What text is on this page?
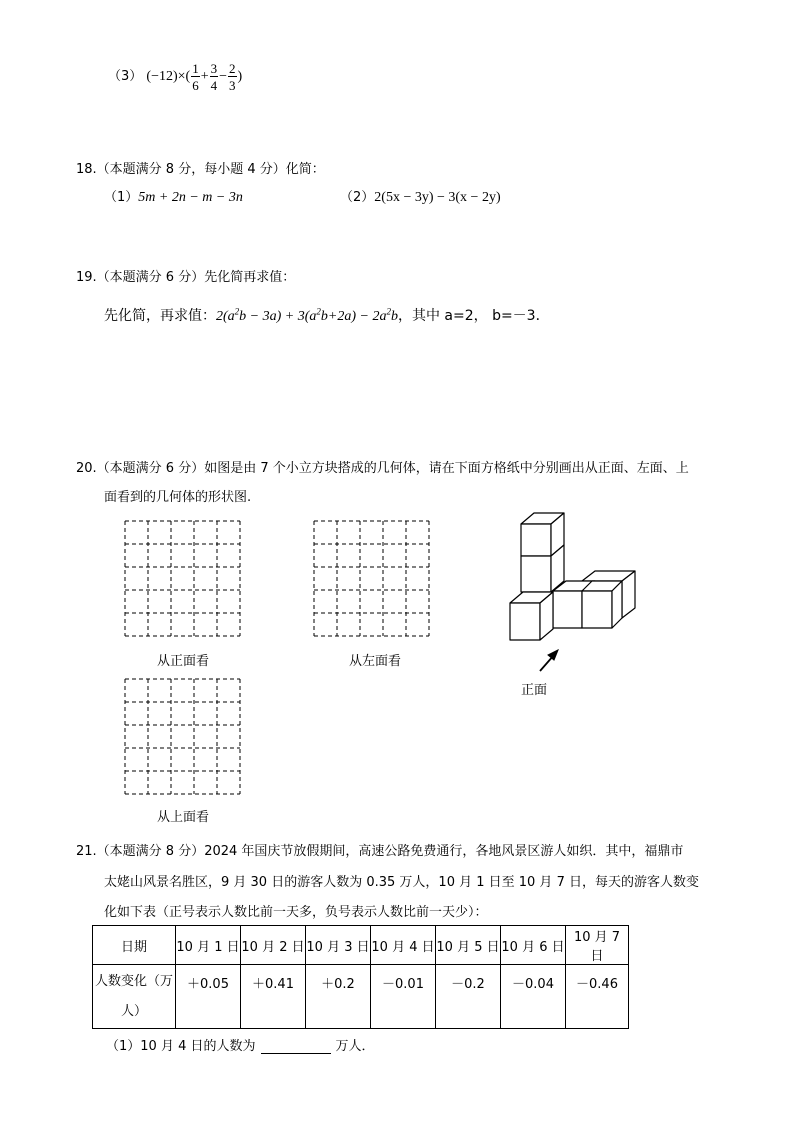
（3） $(-12)\times( \frac{1}{6} + \frac{3}{4} - \frac{2}{3}$ )
18.（本题满分 8 分，每小题 4 分）化简：
（1）5m + 2n − m − 3n	（2）2(5x − 3y) − 3(x − 2y)
19.（本题满分 6 分）先化简再求值：
先化简，再求值：$2(a^2b - 3a) + 3(a^2b+2a) - 2a^2b$，其中 a=2， b=－3．
20.（本题满分 6 分）如图是由 7 个小立方块搭成的几何体，请在下面方格纸中分别画出从正面、左面、上
面看到的几何体的形状图.
从正面看	从左面看
从上面看
正面
21.（本题满分 8 分）2024 年国庆节放假期间，高速公路免费通行，各地风景区游人如织．其中，福鼎市
太姥山风景名胜区，9 月 30 日的游客人数为 0.35 万人，10 月 1 日至 10 月 7 日，每天的游客人数变
化如下表（正号表示人数比前一天多，负号表示人数比前一天少）：
日期	10 月 1 日	10 月 2 日	10 月 3 日	10 月 4 日	10 月 5 日	10 月 6 日	10 月 7 日
人数变化（万
人）	＋0.05	＋0.41	＋0.2	－0.01	－0.2	－0.04	－0.46
（1）10 月 4 日的人数为	万人．
